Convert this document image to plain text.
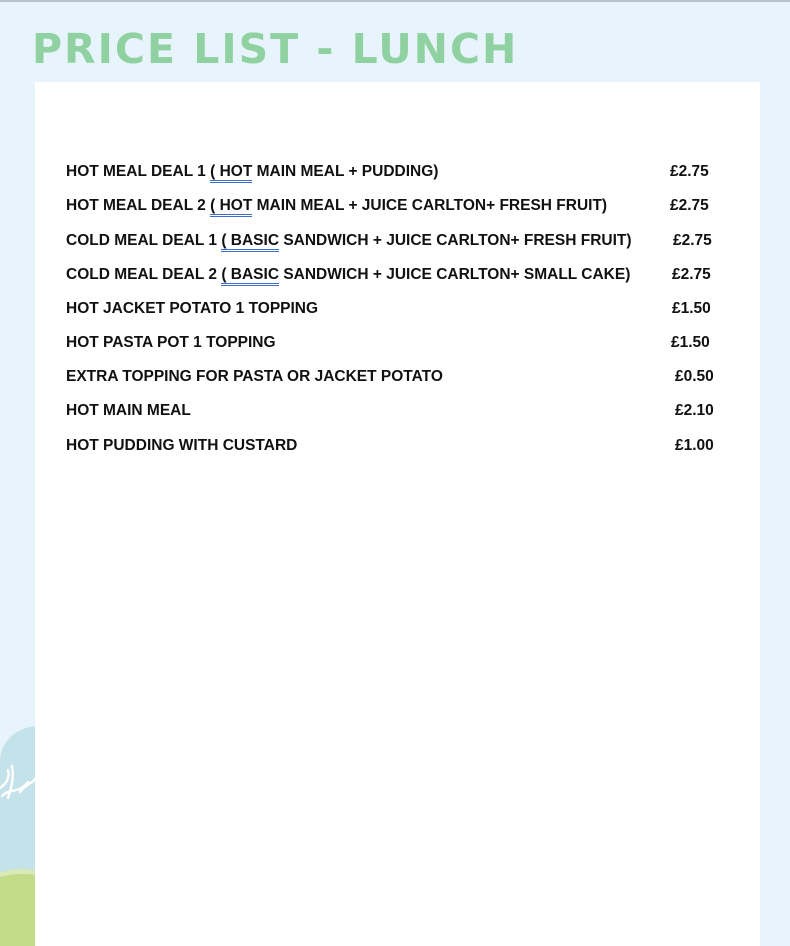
PRICE LIST - LUNCH
HOT MEAL DEAL 1 ( HOT MAIN MEAL + PUDDING)	£2.75
HOT MEAL DEAL 2 ( HOT MAIN MEAL + JUICE CARLTON+ FRESH FRUIT)	£2.75
COLD MEAL DEAL 1 ( BASIC SANDWICH + JUICE CARLTON+ FRESH FRUIT)	£2.75
COLD MEAL DEAL 2 ( BASIC SANDWICH + JUICE CARLTON+ SMALL CAKE)	£2.75
HOT JACKET POTATO 1 TOPPING	£1.50
HOT PASTA POT 1 TOPPING	£1.50
EXTRA TOPPING FOR PASTA OR JACKET POTATO	£0.50
HOT MAIN MEAL	£2.10
HOT PUDDING WITH CUSTARD	£1.00
